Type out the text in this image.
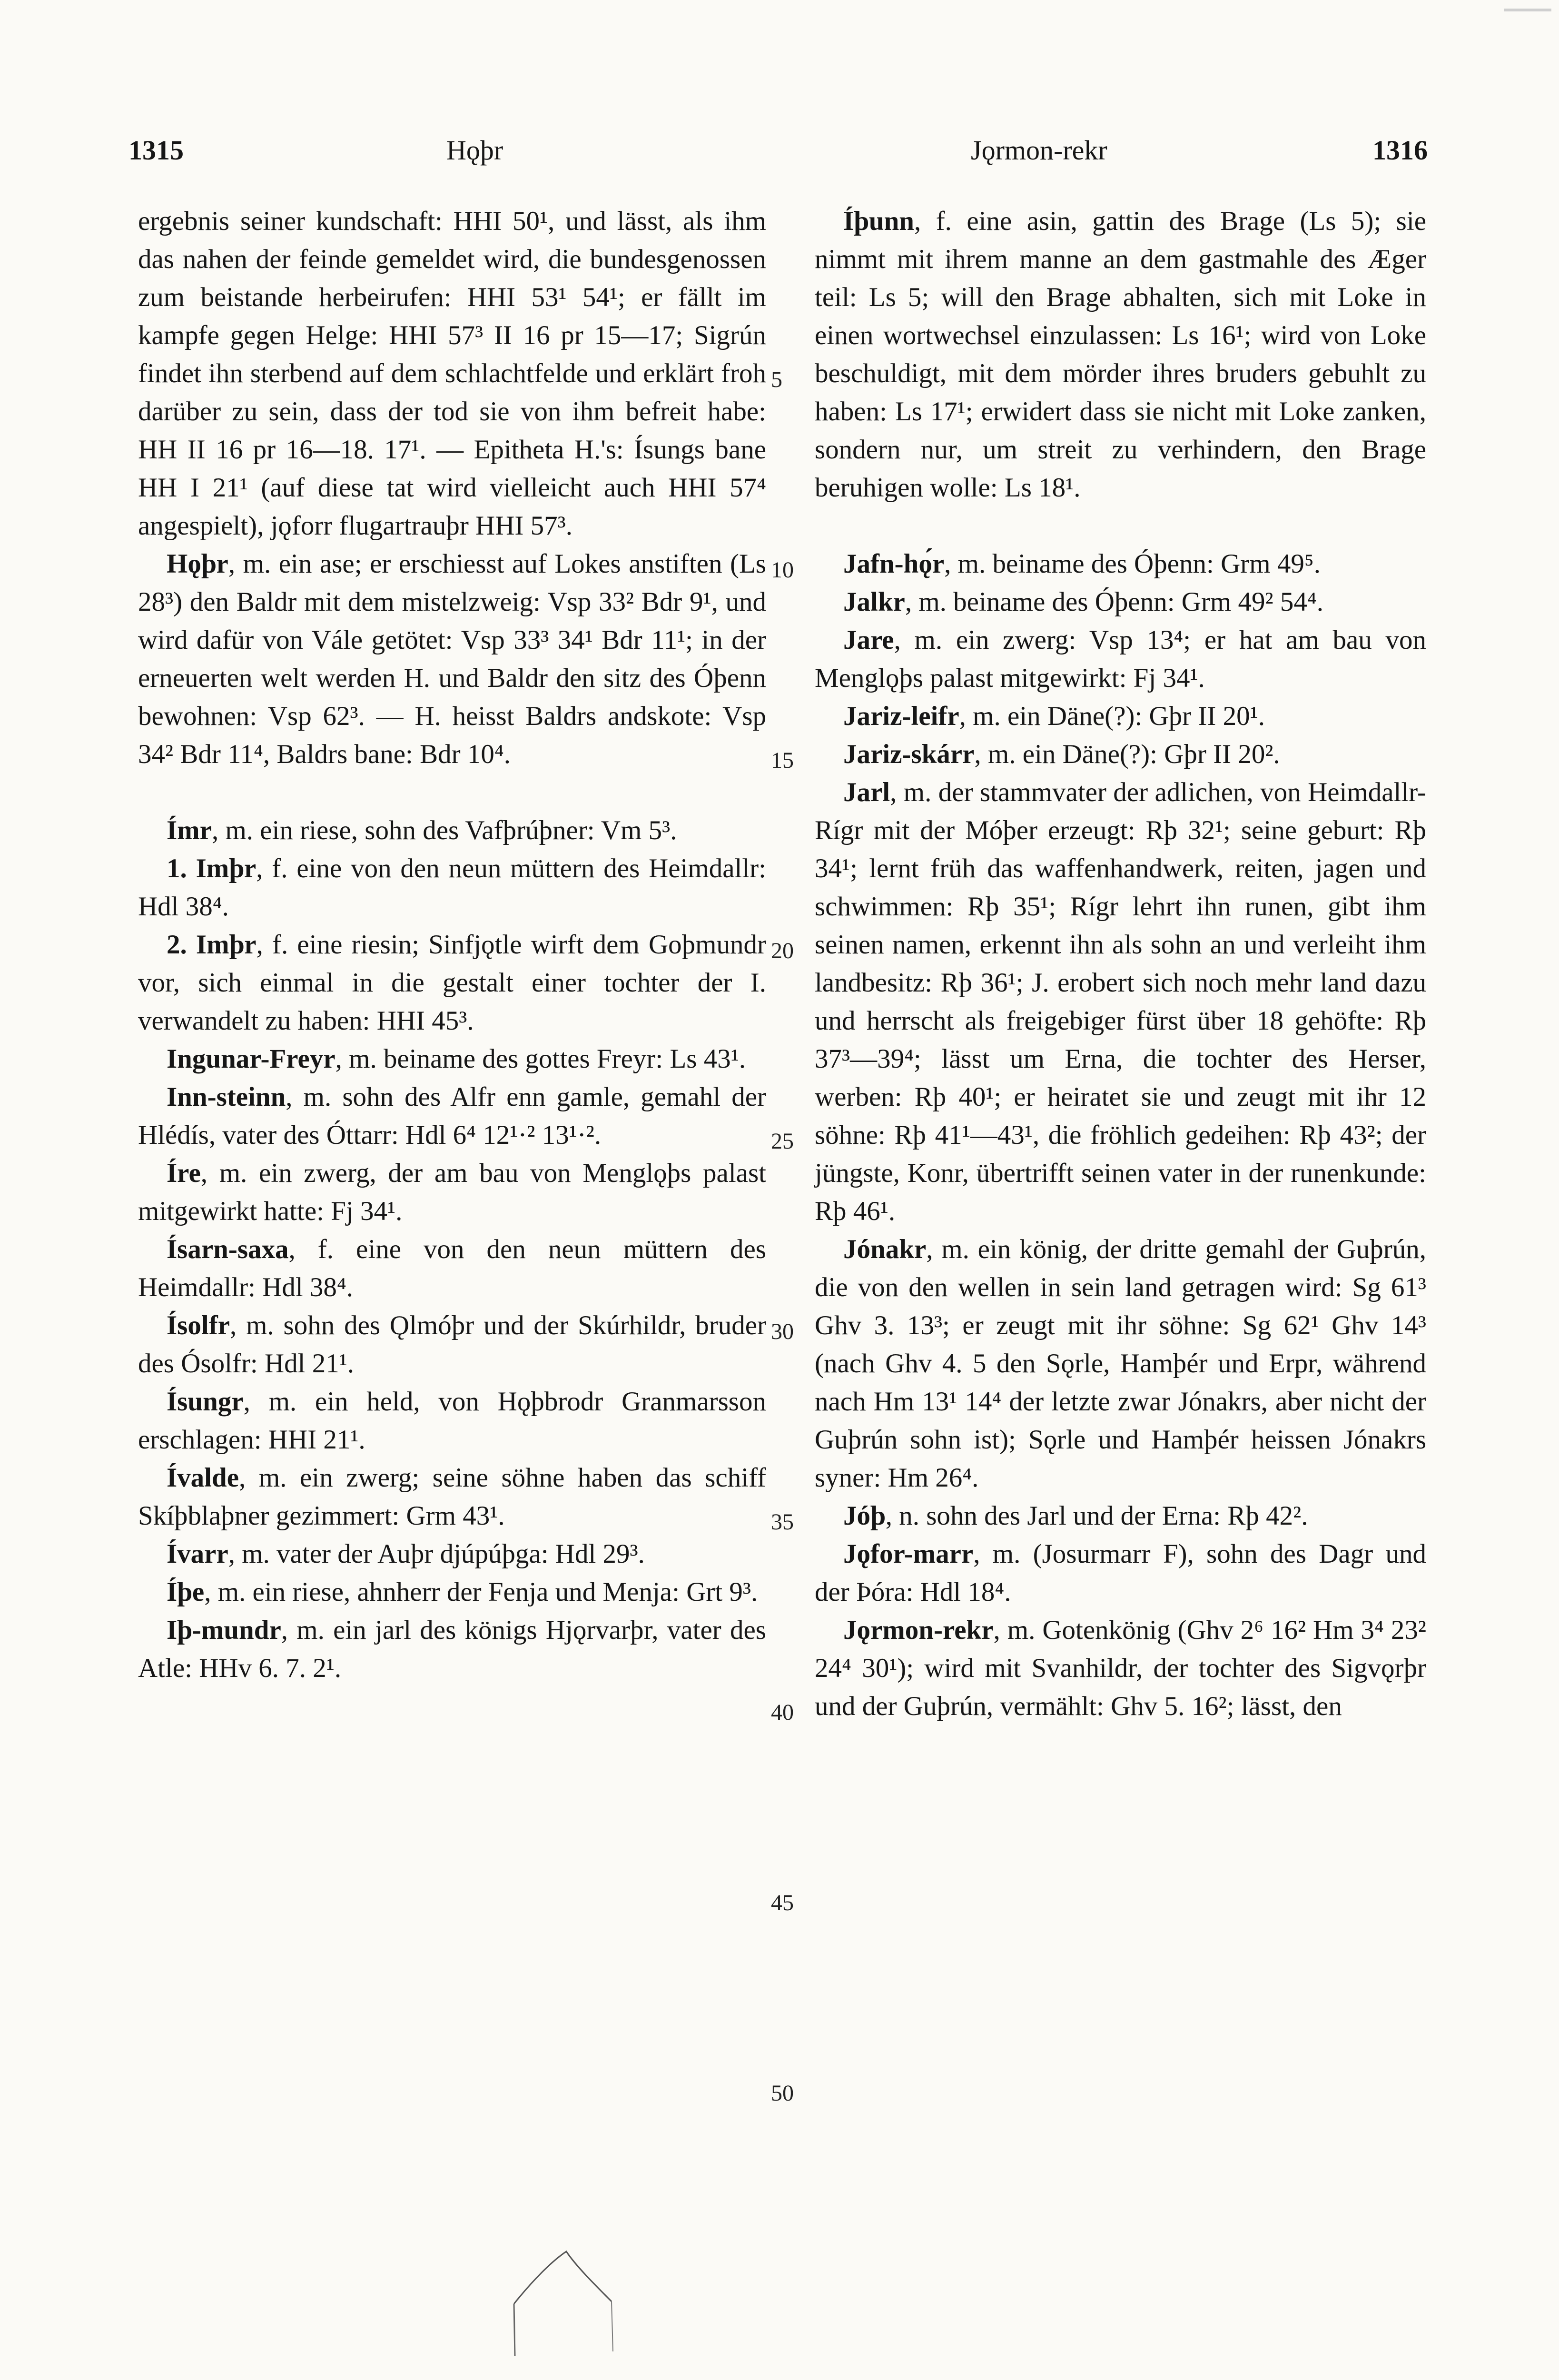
1315	Hǫþr	Jǫrmon-rekr	1316

ergebnis seiner kundschaft: HHI 50¹, und lässt, als ihm das nahen der feinde gemeldet wird, die bundesgenossen zum beistande herbeirufen: HHI 53¹ 54¹; er fällt im kampfe gegen Helge: HHI 57³ II 16 pr 15—17; Sigrún findet ihn sterbend auf dem schlachtfelde und erklärt froh darüber zu sein, dass der tod sie von ihm befreit habe: HH II 16 pr 16—18. 17¹. — Epitheta H.'s: Ísungs bane HH I 21¹ (auf diese tat wird vielleicht auch HHI 57⁴ angespielt), jǫforr flugartrauþr HHI 57³.

Hǫþr, m. ein ase; er erschiesst auf Lokes anstiften (Ls 28³) den Baldr mit dem mistelzweig: Vsp 33² Bdr 9¹, und wird dafür von Vále getötet: Vsp 33³ 34¹ Bdr 11¹; in der erneuerten welt werden H. und Baldr den sitz des Óþenn bewohnen: Vsp 62³. — H. heisst Baldrs andskote: Vsp 34² Bdr 11⁴, Baldrs bane: Bdr 10⁴.

Ímr, m. ein riese, sohn des Vafþrúþner: Vm 5³.

1. Imþr, f. eine von den neun müttern des Heimdallr: Hdl 38⁴.

2. Imþr, f. eine riesin; Sinfjǫtle wirft dem Goþmundr vor, sich einmal in die gestalt einer tochter der I. verwandelt zu haben: HHI 45³.

Ingunar-Freyr, m. beiname des gottes Freyr: Ls 43¹.

Inn-steinn, m. sohn des Alfr enn gamle, gemahl der Hlédís, vater des Óttarr: Hdl 6⁴ 12¹·² 13¹·².

Íre, m. ein zwerg, der am bau von Menglǫþs palast mitgewirkt hatte: Fj 34¹.

Ísarn-saxa, f. eine von den neun müttern des Heimdallr: Hdl 38⁴.

Ísolfr, m. sohn des Ǫlmóþr und der Skúrhildr, bruder des Ósolfr: Hdl 21¹.

Ísungr, m. ein held, von Hǫþbrodr Granmarsson erschlagen: HHI 21¹.

Ívalde, m. ein zwerg; seine söhne haben das schiff Skíþblaþner gezimmert: Grm 43¹.

Ívarr, m. vater der Auþr djúpúþga: Hdl 29³.

Íþe, m. ein riese, ahnherr der Fenja und Menja: Grt 9³.

Iþ-mundr, m. ein jarl des königs Hjǫrvarþr, vater des Atle: HHv 6. 7. 2¹.

5
10
15
20
25
30
35
40
45
50

Íþunn, f. eine asin, gattin des Brage (Ls 5); sie nimmt mit ihrem manne an dem gastmahle des Æger teil: Ls 5; will den Brage abhalten, sich mit Loke in einen wortwechsel einzulassen: Ls 16¹; wird von Loke beschuldigt, mit dem mörder ihres bruders gebuhlt zu haben: Ls 17¹; erwidert dass sie nicht mit Loke zanken, sondern nur, um streit zu verhindern, den Brage beruhigen wolle: Ls 18¹.

Jafn-hǫ́r, m. beiname des Óþenn: Grm 49⁵.

Jalkr, m. beiname des Óþenn: Grm 49² 54⁴.

Jare, m. ein zwerg: Vsp 13⁴; er hat am bau von Menglǫþs palast mitgewirkt: Fj 34¹.

Jariz-leifr, m. ein Däne(?): Gþr II 20¹.

Jariz-skárr, m. ein Däne(?): Gþr II 20².

Jarl, m. der stammvater der adlichen, von Heimdallr-Rígr mit der Móþer erzeugt: Rþ 32¹; seine geburt: Rþ 34¹; lernt früh das waffenhandwerk, reiten, jagen und schwimmen: Rþ 35¹; Rígr lehrt ihn runen, gibt ihm seinen namen, erkennt ihn als sohn an und verleiht ihm landbesitz: Rþ 36¹; J. erobert sich noch mehr land dazu und herrscht als freigebiger fürst über 18 gehöfte: Rþ 37³—39⁴; lässt um Erna, die tochter des Herser, werben: Rþ 40¹; er heiratet sie und zeugt mit ihr 12 söhne: Rþ 41¹—43¹, die fröhlich gedeihen: Rþ 43²; der jüngste, Konr, übertrifft seinen vater in der runenkunde: Rþ 46¹.

Jónakr, m. ein könig, der dritte gemahl der Guþrún, die von den wellen in sein land getragen wird: Sg 61³ Ghv 3. 13³; er zeugt mit ihr söhne: Sg 62¹ Ghv 14³ (nach Ghv 4. 5 den Sǫrle, Hamþér und Erpr, während nach Hm 13¹ 14⁴ der letzte zwar Jónakrs, aber nicht der Guþrún sohn ist); Sǫrle und Hamþér heissen Jónakrs syner: Hm 26⁴.

Jóþ, n. sohn des Jarl und der Erna: Rþ 42².

Jǫfor-marr, m. (Josurmarr F), sohn des Dagr und der Þóra: Hdl 18⁴.

Jǫrmon-rekr, m. Gotenkönig (Ghv 2⁶ 16² Hm 3⁴ 23² 24⁴ 30¹); wird mit Svanhildr, der tochter des Sigvǫrþr und der Guþrún, vermählt: Ghv 5. 16²; lässt, den
